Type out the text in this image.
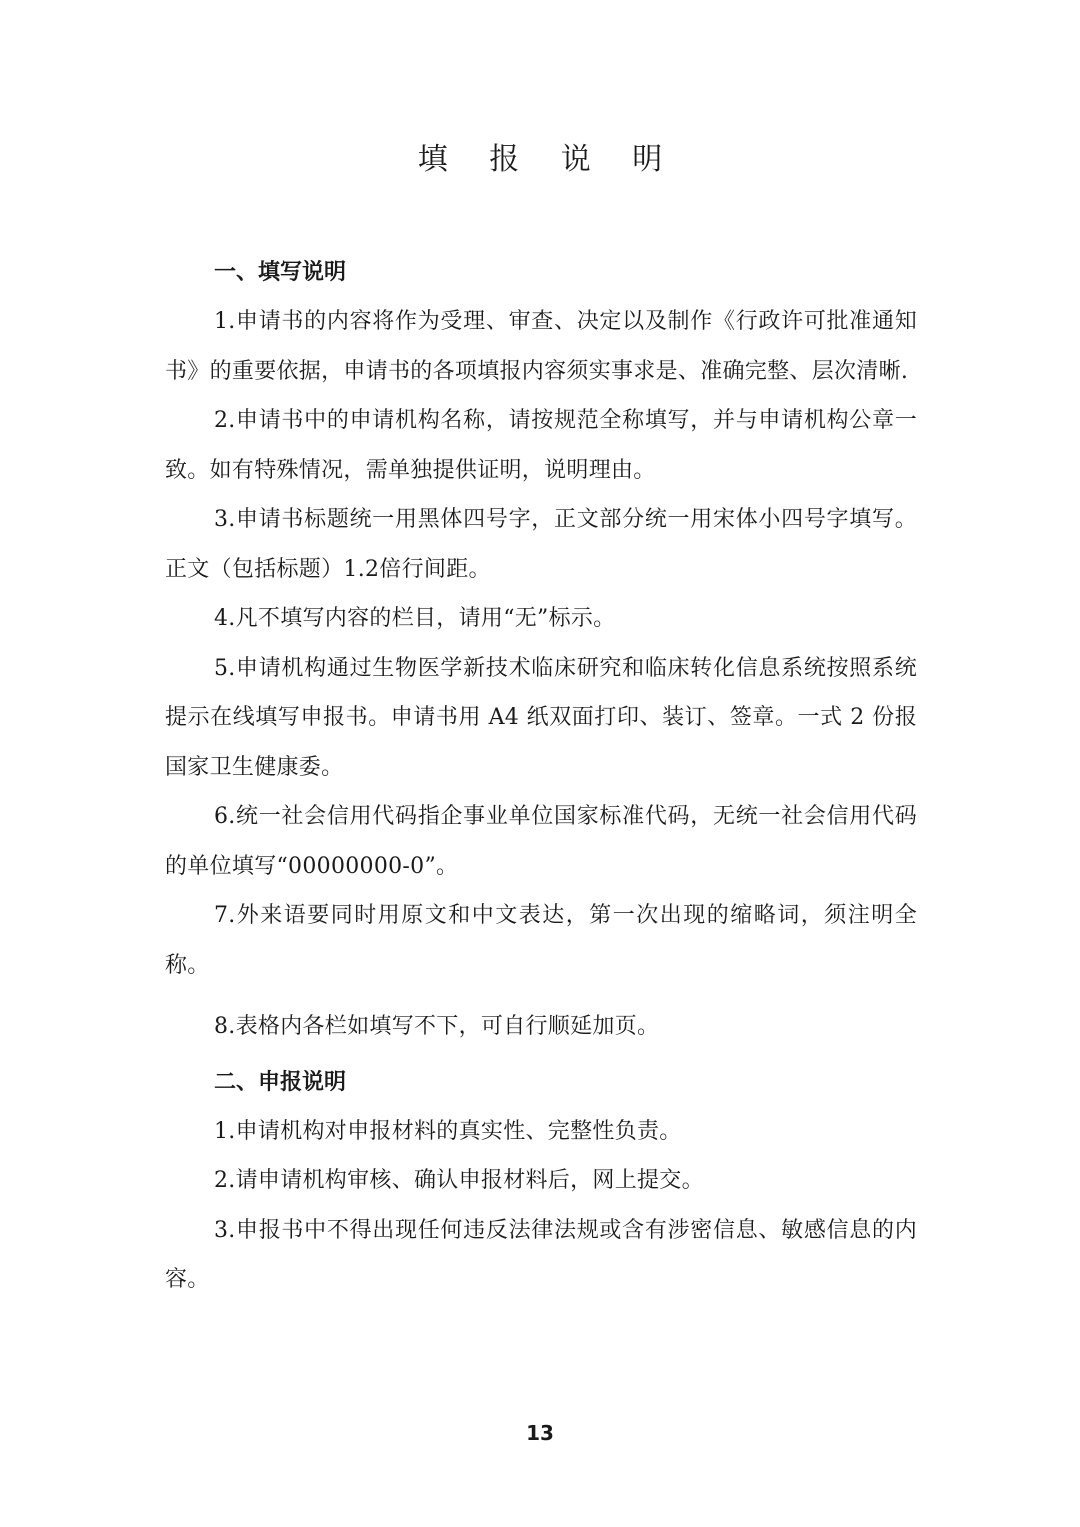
填 报 说 明

一、填写说明

1.申请书的内容将作为受理、审查、决定以及制作《行政许可批准通知书》的重要依据，申请书的各项填报内容须实事求是、准确完整、层次清晰.

2.申请书中的申请机构名称，请按规范全称填写，并与申请机构公章一致。如有特殊情况，需单独提供证明，说明理由。

3.申请书标题统一用黑体四号字，正文部分统一用宋体小四号字填写。正文（包括标题）1.2倍行间距。

4.凡不填写内容的栏目，请用“无”标示。

5.申请机构通过生物医学新技术临床研究和临床转化信息系统按照系统提示在线填写申报书。申请书用 A4 纸双面打印、装订、签章。一式 2 份报国家卫生健康委。

6.统一社会信用代码指企事业单位国家标准代码，无统一社会信用代码的单位填写“00000000-0”。

7.外来语要同时用原文和中文表达，第一次出现的缩略词，须注明全称。

8.表格内各栏如填写不下，可自行顺延加页。

二、申报说明

1.申请机构对申报材料的真实性、完整性负责。

2.请申请机构审核、确认申报材料后，网上提交。

3.申报书中不得出现任何违反法律法规或含有涉密信息、敏感信息的内容。

13
